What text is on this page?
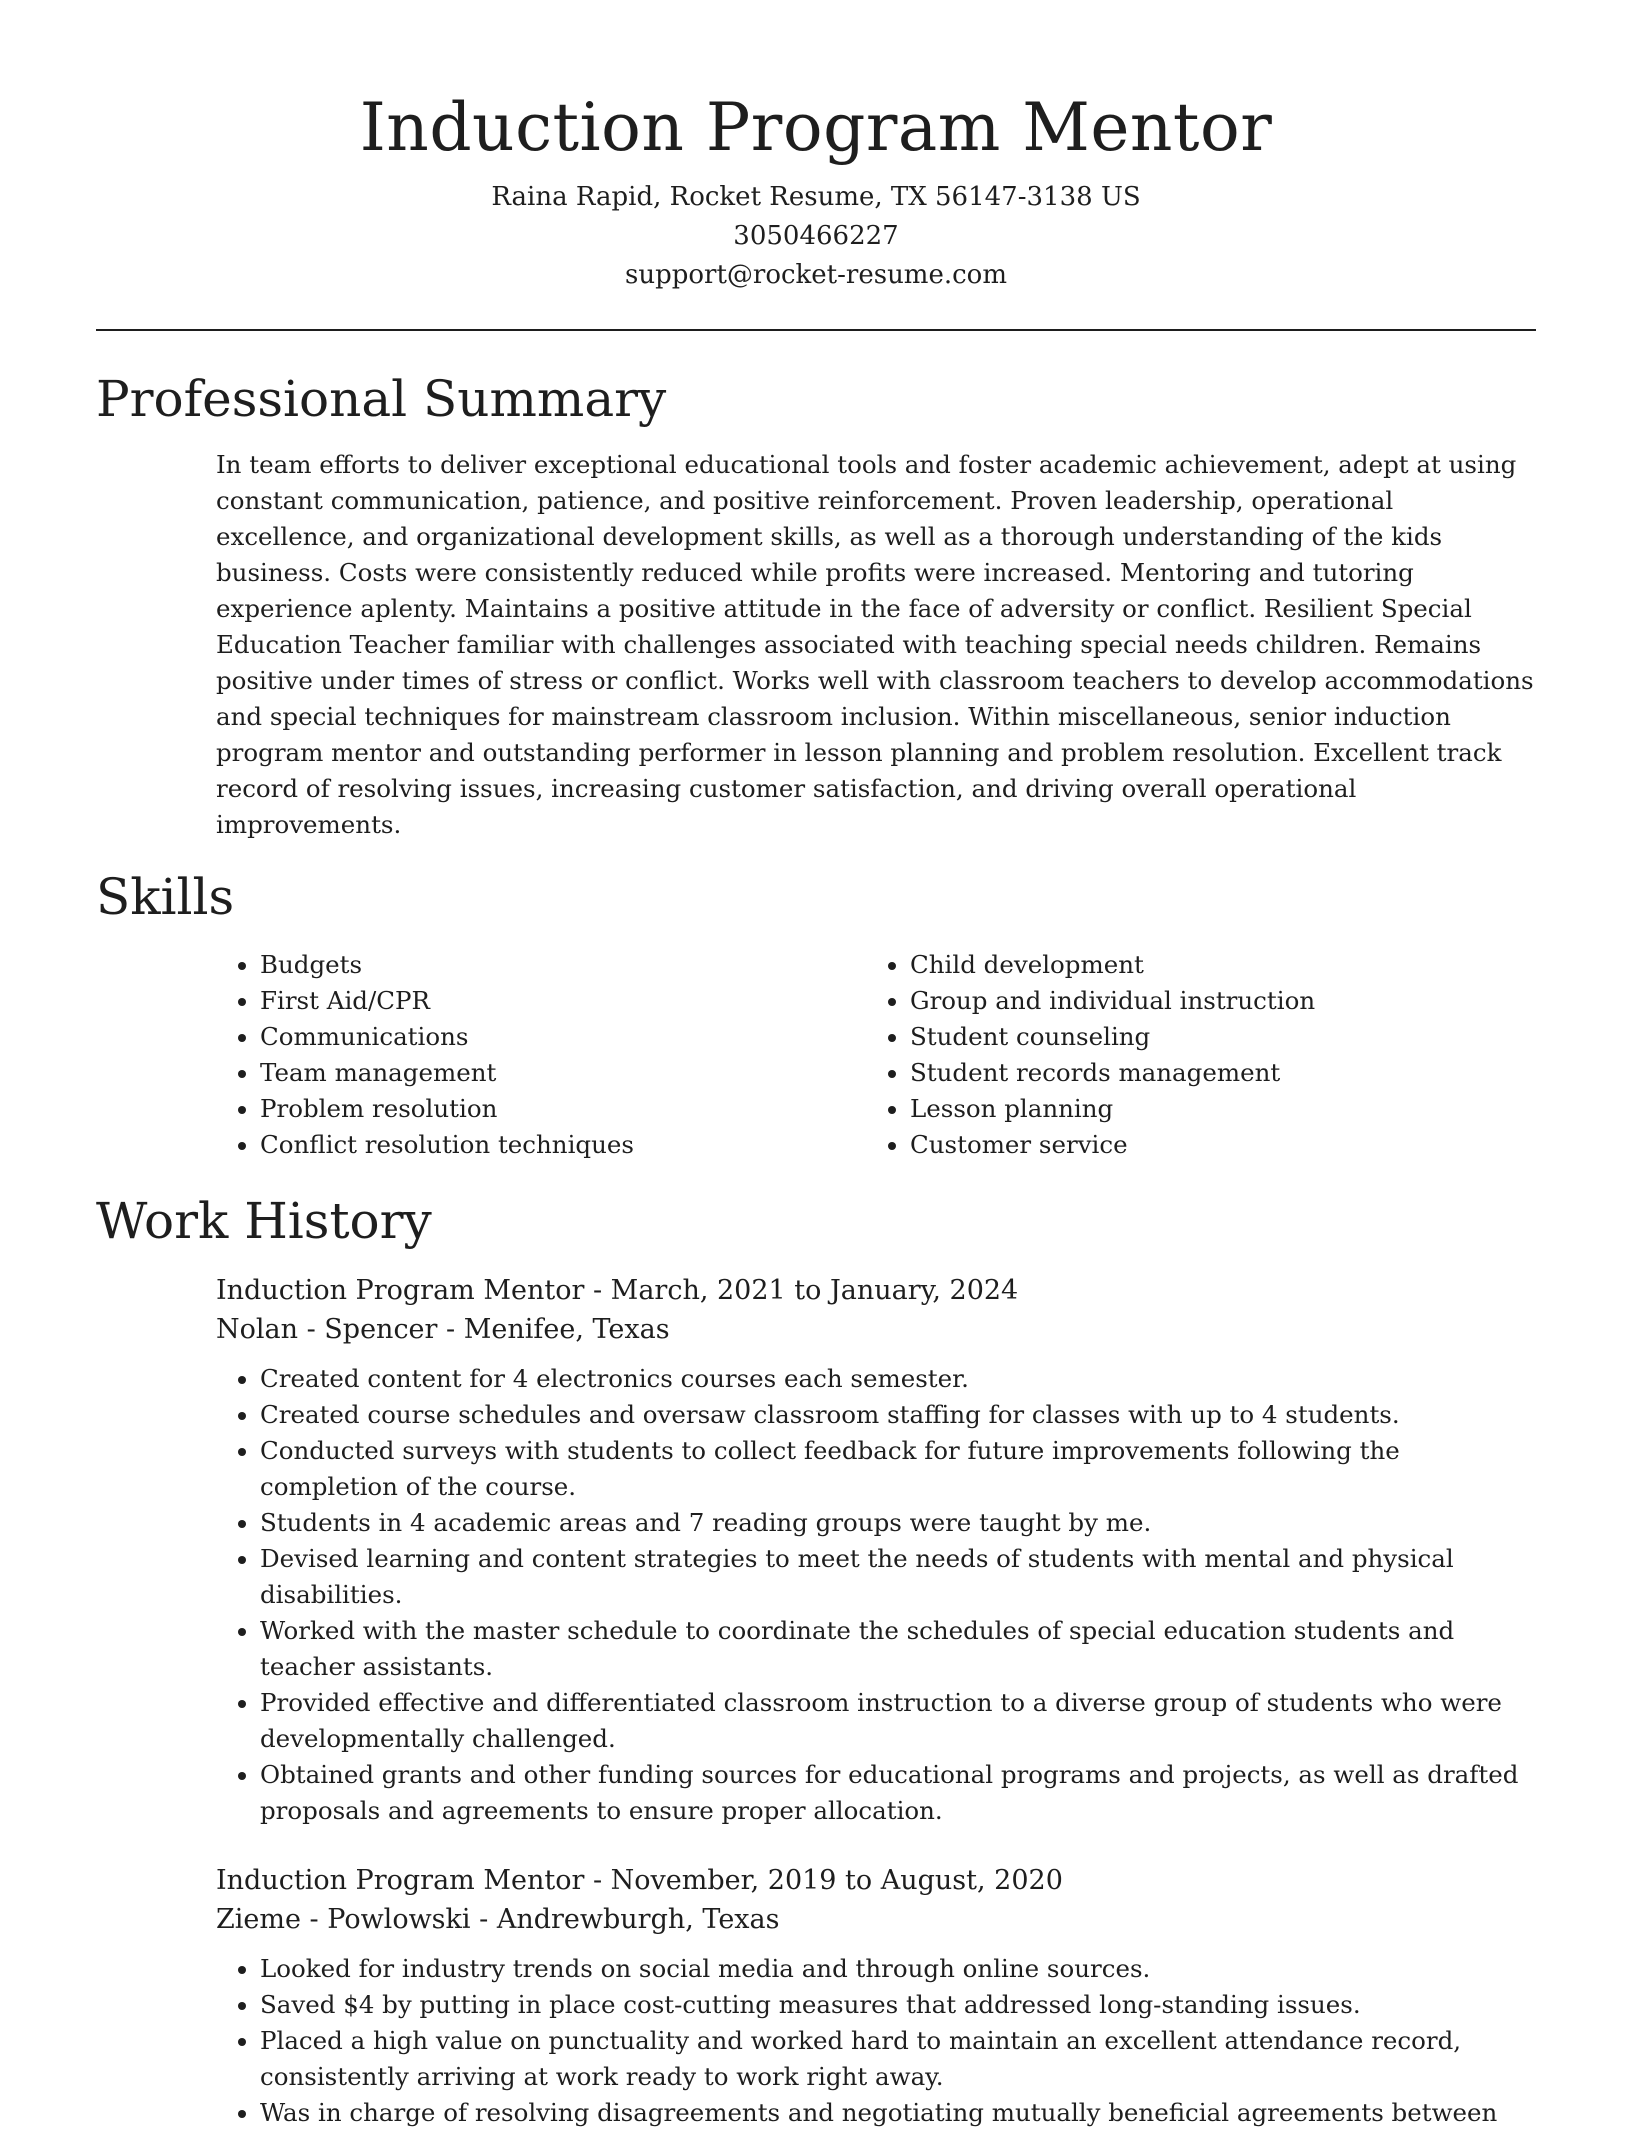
Induction Program Mentor
Raina Rapid, Rocket Resume, TX 56147-3138 US
3050466227
support@rocket-resume.com
Professional Summary

In team efforts to deliver exceptional educational tools and foster academic achievement, adept at using constant communication, patience, and positive reinforcement. Proven leadership, operational excellence, and organizational development skills, as well as a thorough understanding of the kids business. Costs were consistently reduced while profits were increased. Mentoring and tutoring experience aplenty. Maintains a positive attitude in the face of adversity or conflict. Resilient Special Education Teacher familiar with challenges associated with teaching special needs children. Remains positive under times of stress or conflict. Works well with classroom teachers to develop accommodations and special techniques for mainstream classroom inclusion. Within miscellaneous, senior induction program mentor and outstanding performer in lesson planning and problem resolution. Excellent track record of resolving issues, increasing customer satisfaction, and driving overall operational improvements.

Skills
• Budgets
• First Aid/CPR
• Communications
• Team management
• Problem resolution
• Conflict resolution techniques
• Child development
• Group and individual instruction
• Student counseling
• Student records management
• Lesson planning
• Customer service
Work History
Induction Program Mentor - March, 2021 to January, 2024
Nolan - Spencer - Menifee, Texas
• Created content for 4 electronics courses each semester.
• Created course schedules and oversaw classroom staffing for classes with up to 4 students.
• Conducted surveys with students to collect feedback for future improvements following the completion of the course.
• Students in 4 academic areas and 7 reading groups were taught by me.
• Devised learning and content strategies to meet the needs of students with mental and physical disabilities.
• Worked with the master schedule to coordinate the schedules of special education students and teacher assistants.
• Provided effective and differentiated classroom instruction to a diverse group of students who were developmentally challenged.
• Obtained grants and other funding sources for educational programs and projects, as well as drafted proposals and agreements to ensure proper allocation.
Induction Program Mentor - November, 2019 to August, 2020
Zieme - Powlowski - Andrewburgh, Texas
• Looked for industry trends on social media and through online sources.
• Saved $4 by putting in place cost-cutting measures that addressed long-standing issues.
• Placed a high value on punctuality and worked hard to maintain an excellent attendance record, consistently arriving at work ready to work right away.
• Was in charge of resolving disagreements and negotiating mutually beneficial agreements between
